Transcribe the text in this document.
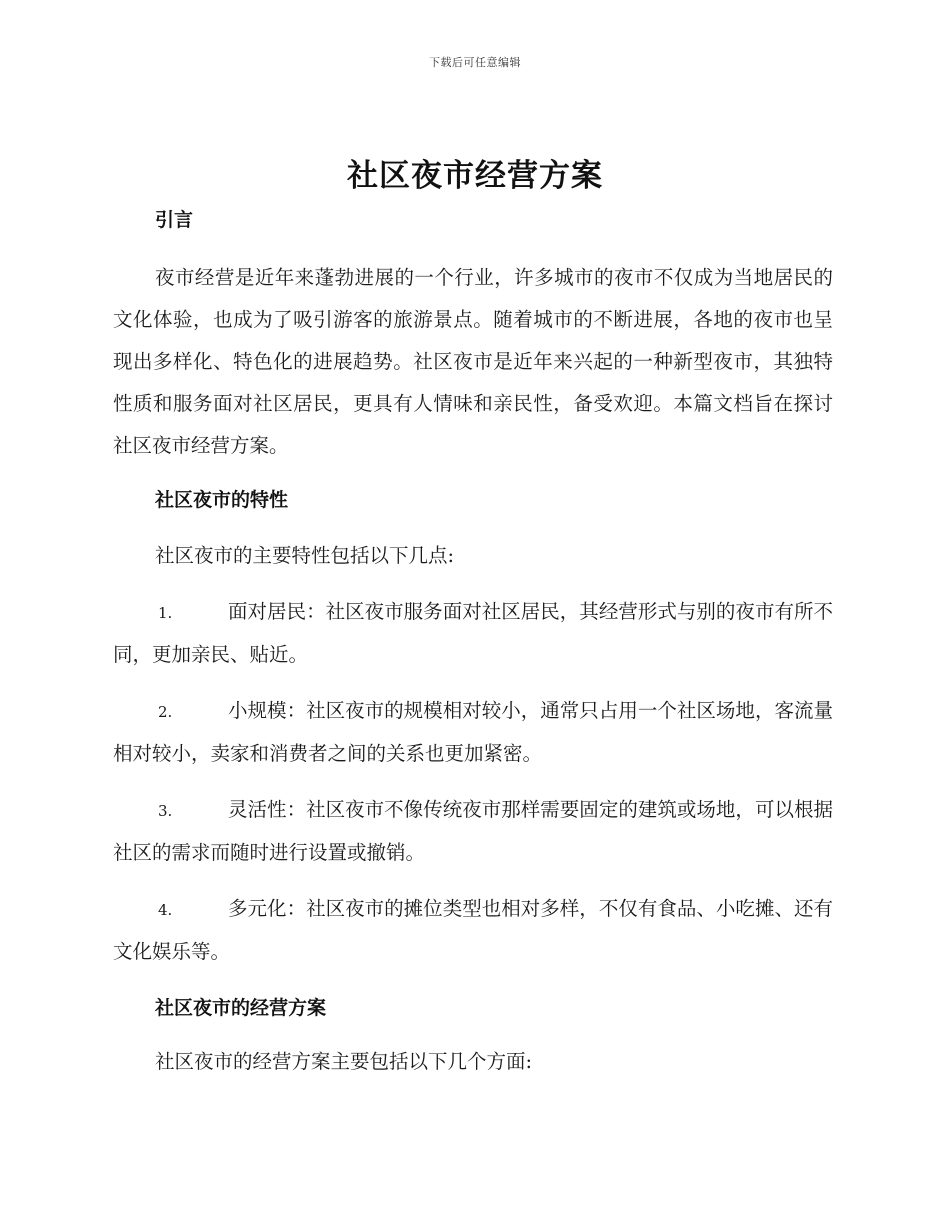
下载后可任意编辑
社区夜市经营方案

引言

夜市经营是近年来蓬勃进展的一个行业，许多城市的夜市不仅成为当地居民的文化体验，也成为了吸引游客的旅游景点。随着城市的不断进展，各地的夜市也呈现出多样化、特色化的进展趋势。社区夜市是近年来兴起的一种新型夜市，其独特性质和服务面对社区居民，更具有人情味和亲民性，备受欢迎。本篇文档旨在探讨社区夜市经营方案。

社区夜市的特性

社区夜市的主要特性包括以下几点:

1.	面对居民：社区夜市服务面对社区居民，其经营形式与别的夜市有所不同，更加亲民、贴近。
2.	小规模：社区夜市的规模相对较小，通常只占用一个社区场地，客流量相对较小，卖家和消费者之间的关系也更加紧密。
3.	灵活性：社区夜市不像传统夜市那样需要固定的建筑或场地，可以根据社区的需求而随时进行设置或撤销。
4.	多元化：社区夜市的摊位类型也相对多样，不仅有食品、小吃摊、还有文化娱乐等。

社区夜市的经营方案

社区夜市的经营方案主要包括以下几个方面:
